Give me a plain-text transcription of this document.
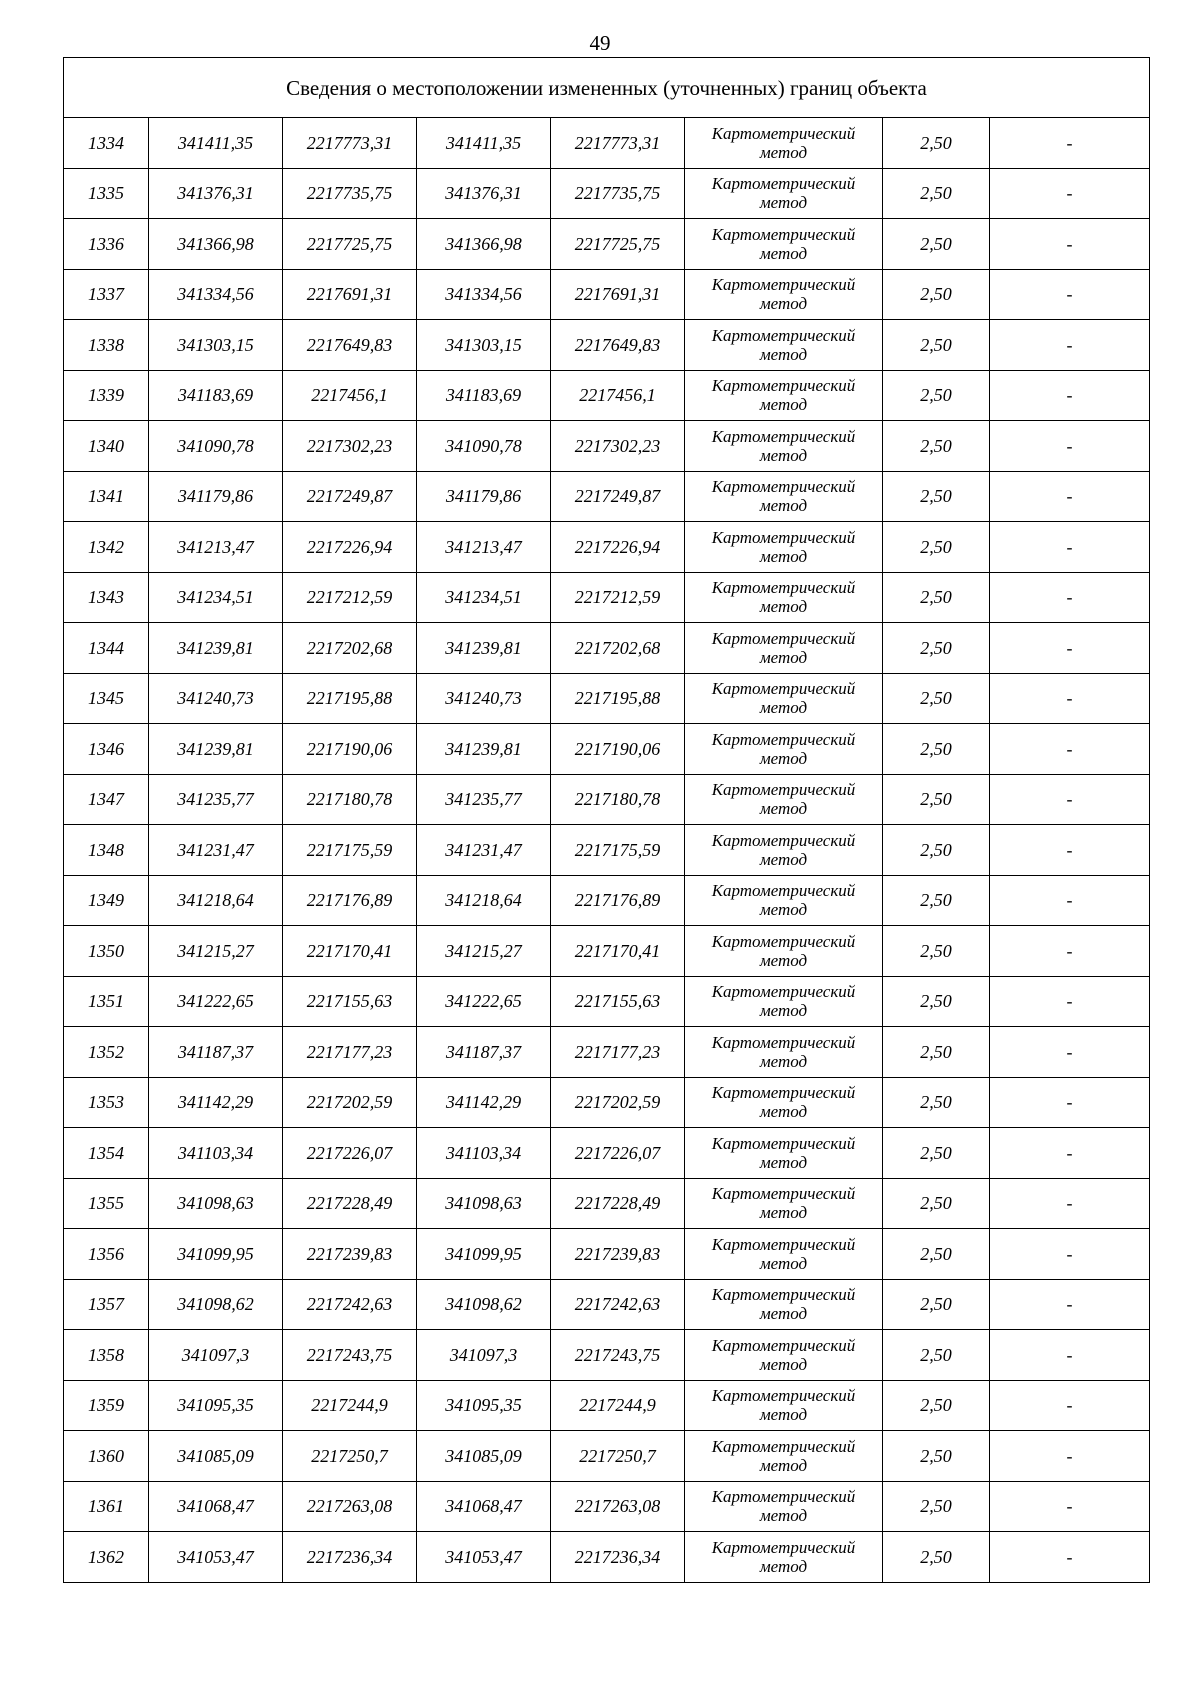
49
Сведения о местоположении измененных (уточненных) границ объекта							
1334	341411,35	2217773,31	341411,35	2217773,31	Картометрический
метод	2,50	-
1335	341376,31	2217735,75	341376,31	2217735,75	Картометрический
метод	2,50	-
1336	341366,98	2217725,75	341366,98	2217725,75	Картометрический
метод	2,50	-
1337	341334,56	2217691,31	341334,56	2217691,31	Картометрический
метод	2,50	-
1338	341303,15	2217649,83	341303,15	2217649,83	Картометрический
метод	2,50	-
1339	341183,69	2217456,1	341183,69	2217456,1	Картометрический
метод	2,50	-
1340	341090,78	2217302,23	341090,78	2217302,23	Картометрический
метод	2,50	-
1341	341179,86	2217249,87	341179,86	2217249,87	Картометрический
метод	2,50	-
1342	341213,47	2217226,94	341213,47	2217226,94	Картометрический
метод	2,50	-
1343	341234,51	2217212,59	341234,51	2217212,59	Картометрический
метод	2,50	-
1344	341239,81	2217202,68	341239,81	2217202,68	Картометрический
метод	2,50	-
1345	341240,73	2217195,88	341240,73	2217195,88	Картометрический
метод	2,50	-
1346	341239,81	2217190,06	341239,81	2217190,06	Картометрический
метод	2,50	-
1347	341235,77	2217180,78	341235,77	2217180,78	Картометрический
метод	2,50	-
1348	341231,47	2217175,59	341231,47	2217175,59	Картометрический
метод	2,50	-
1349	341218,64	2217176,89	341218,64	2217176,89	Картометрический
метод	2,50	-
1350	341215,27	2217170,41	341215,27	2217170,41	Картометрический
метод	2,50	-
1351	341222,65	2217155,63	341222,65	2217155,63	Картометрический
метод	2,50	-
1352	341187,37	2217177,23	341187,37	2217177,23	Картометрический
метод	2,50	-
1353	341142,29	2217202,59	341142,29	2217202,59	Картометрический
метод	2,50	-
1354	341103,34	2217226,07	341103,34	2217226,07	Картометрический
метод	2,50	-
1355	341098,63	2217228,49	341098,63	2217228,49	Картометрический
метод	2,50	-
1356	341099,95	2217239,83	341099,95	2217239,83	Картометрический
метод	2,50	-
1357	341098,62	2217242,63	341098,62	2217242,63	Картометрический
метод	2,50	-
1358	341097,3	2217243,75	341097,3	2217243,75	Картометрический
метод	2,50	-
1359	341095,35	2217244,9	341095,35	2217244,9	Картометрический
метод	2,50	-
1360	341085,09	2217250,7	341085,09	2217250,7	Картометрический
метод	2,50	-
1361	341068,47	2217263,08	341068,47	2217263,08	Картометрический
метод	2,50	-
1362	341053,47	2217236,34	341053,47	2217236,34	Картометрический
метод	2,50	-
